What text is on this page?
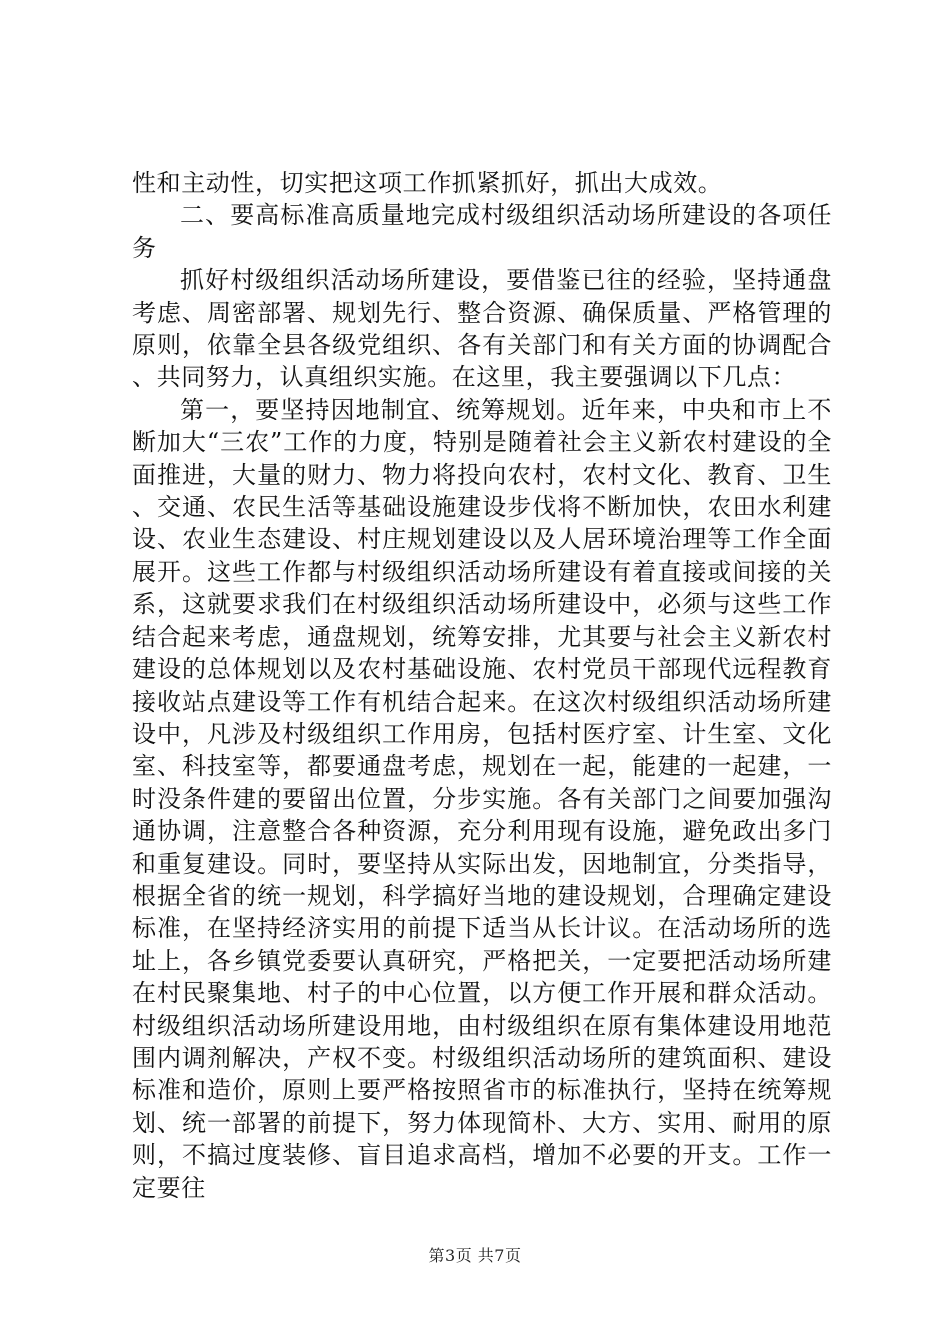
性和主动性，切实把这项工作抓紧抓好，抓出大成效。

二、要高标准高质量地完成村级组织活动场所建设的各项任务

抓好村级组织活动场所建设，要借鉴已往的经验，坚持通盘考虑、周密部署、规划先行、整合资源、确保质量、严格管理的原则，依靠全县各级党组织、各有关部门和有关方面的协调配合、共同努力，认真组织实施。在这里，我主要强调以下几点：

第一，要坚持因地制宜、统筹规划。近年来，中央和市上不断加大“三农”工作的力度，特别是随着社会主义新农村建设的全面推进，大量的财力、物力将投向农村，农村文化、教育、卫生、交通、农民生活等基础设施建设步伐将不断加快，农田水利建设、农业生态建设、村庄规划建设以及人居环境治理等工作全面展开。这些工作都与村级组织活动场所建设有着直接或间接的关系，这就要求我们在村级组织活动场所建设中，必须与这些工作结合起来考虑，通盘规划，统筹安排，尤其要与社会主义新农村建设的总体规划以及农村基础设施、农村党员干部现代远程教育接收站点建设等工作有机结合起来。在这次村级组织活动场所建设中，凡涉及村级组织工作用房，包括村医疗室、计生室、文化室、科技室等，都要通盘考虑，规划在一起，能建的一起建，一时没条件建的要留出位置，分步实施。各有关部门之间要加强沟通协调，注意整合各种资源，充分利用现有设施，避免政出多门和重复建设。同时，要坚持从实际出发，因地制宜，分类指导，根据全省的统一规划，科学搞好当地的建设规划，合理确定建设标准，在坚持经济实用的前提下适当从长计议。在活动场所的选址上，各乡镇党委要认真研究，严格把关，一定要把活动场所建在村民聚集地、村子的中心位置，以方便工作开展和群众活动。村级组织活动场所建设用地，由村级组织在原有集体建设用地范围内调剂解决，产权不变。村级组织活动场所的建筑面积、建设标准和造价，原则上要严格按照省市的标准执行，坚持在统筹规划、统一部署的前提下，努力体现简朴、大方、实用、耐用的原则，不搞过度装修、盲目追求高档，增加不必要的开支。工作一定要往

第3页 共7页
